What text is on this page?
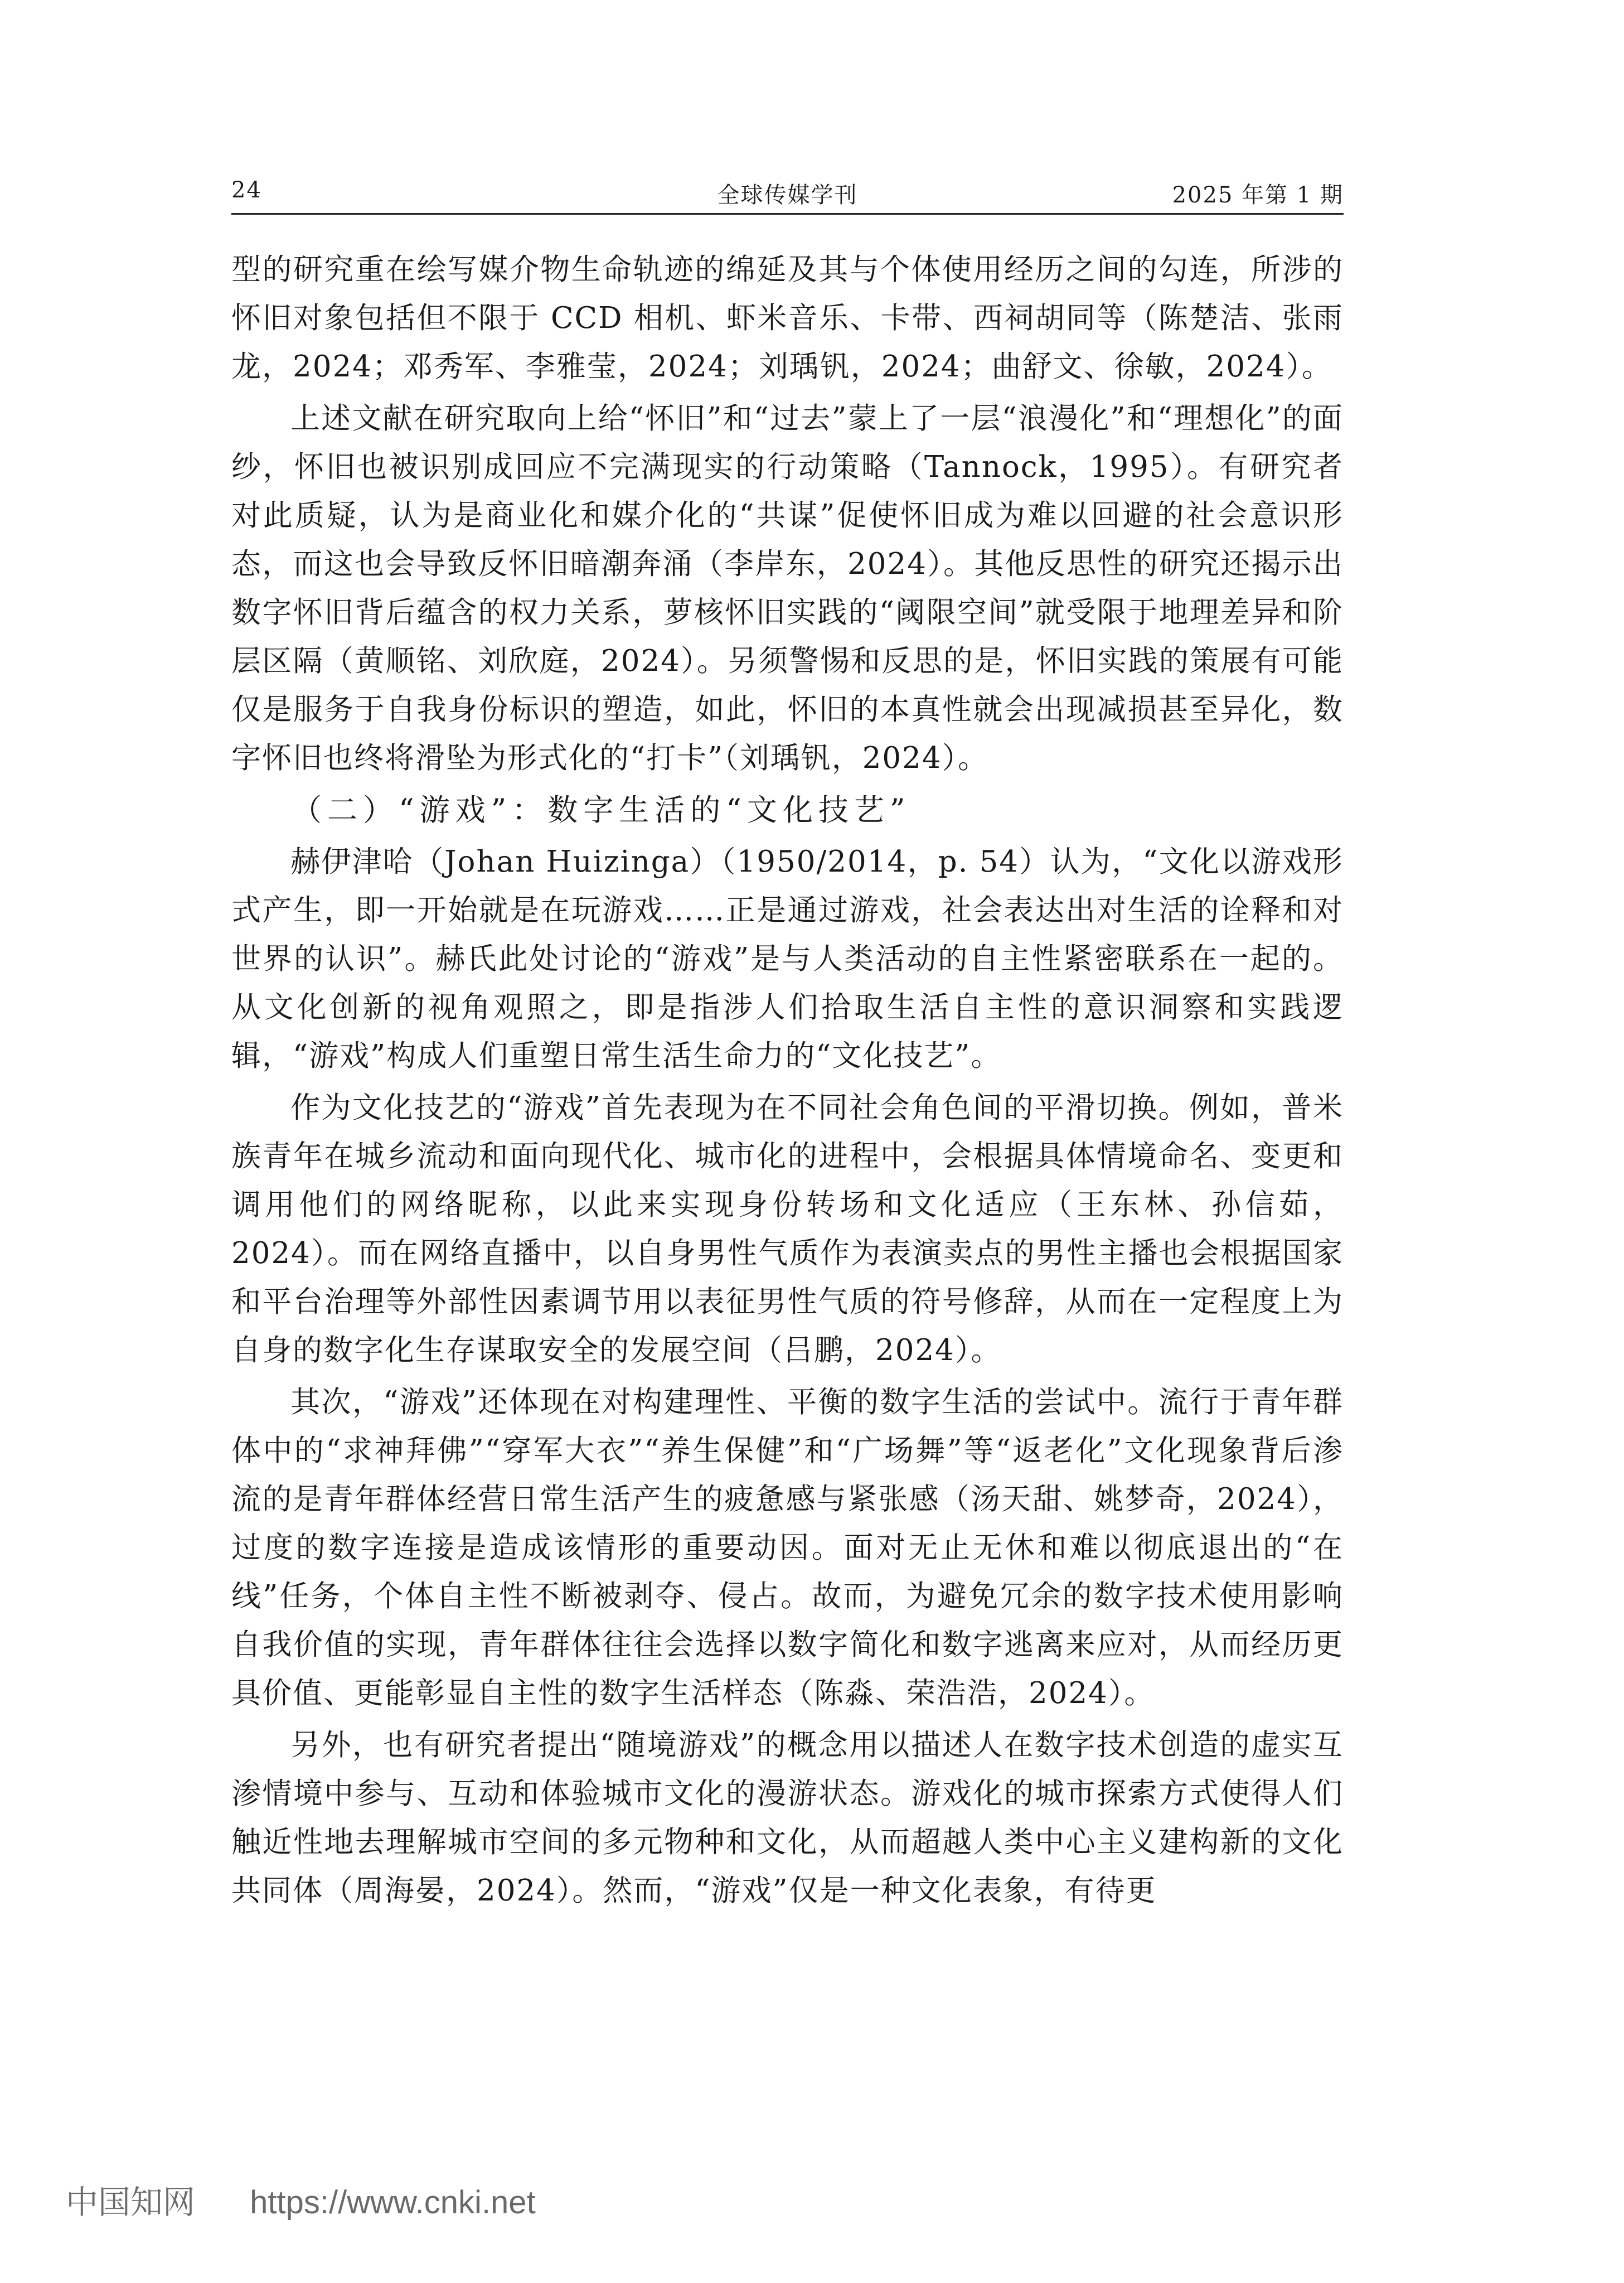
24	全球传媒学刊	2025 年第 1 期

型的研究重在绘写媒介物生命轨迹的绵延及其与个体使用经历之间的勾连，所涉的怀旧对象包括但不限于 CCD 相机、虾米音乐、卡带、西祠胡同等（陈楚洁、张雨龙，2024；邓秀军、李雅莹，2024；刘瑀钒，2024；曲舒文、徐敏，2024）。

上述文献在研究取向上给“怀旧”和“过去”蒙上了一层“浪漫化”和“理想化”的面纱，怀旧也被识别成回应不完满现实的行动策略（Tannock，1995）。有研究者对此质疑，认为是商业化和媒介化的“共谋”促使怀旧成为难以回避的社会意识形态，而这也会导致反怀旧暗潮奔涌（李岸东，2024）。其他反思性的研究还揭示出数字怀旧背后蕴含的权力关系，萝核怀旧实践的“阈限空间”就受限于地理差异和阶层区隔（黄顺铭、刘欣庭，2024）。另须警惕和反思的是，怀旧实践的策展有可能仅是服务于自我身份标识的塑造，如此，怀旧的本真性就会出现减损甚至异化，数字怀旧也终将滑坠为形式化的“打卡”（刘瑀钒，2024）。

（二）“游戏”：数字生活的“文化技艺”

赫伊津哈（Johan Huizinga）（1950/2014，p. 54）认为，“文化以游戏形式产生，即一开始就是在玩游戏……正是通过游戏，社会表达出对生活的诠释和对世界的认识”。赫氏此处讨论的“游戏”是与人类活动的自主性紧密联系在一起的。从文化创新的视角观照之，即是指涉人们拾取生活自主性的意识洞察和实践逻辑，“游戏”构成人们重塑日常生活生命力的“文化技艺”。

作为文化技艺的“游戏”首先表现为在不同社会角色间的平滑切换。例如，普米族青年在城乡流动和面向现代化、城市化的进程中，会根据具体情境命名、变更和调用他们的网络昵称，以此来实现身份转场和文化适应（王东林、孙信茹，2024）。而在网络直播中，以自身男性气质作为表演卖点的男性主播也会根据国家和平台治理等外部性因素调节用以表征男性气质的符号修辞，从而在一定程度上为自身的数字化生存谋取安全的发展空间（吕鹏，2024）。

其次，“游戏”还体现在对构建理性、平衡的数字生活的尝试中。流行于青年群体中的“求神拜佛”“穿军大衣”“养生保健”和“广场舞”等“返老化”文化现象背后渗流的是青年群体经营日常生活产生的疲惫感与紧张感（汤天甜、姚梦奇，2024），过度的数字连接是造成该情形的重要动因。面对无止无休和难以彻底退出的“在线”任务，个体自主性不断被剥夺、侵占。故而，为避免冗余的数字技术使用影响自我价值的实现，青年群体往往会选择以数字简化和数字逃离来应对，从而经历更具价值、更能彰显自主性的数字生活样态（陈淼、荣浩浩，2024）。

另外，也有研究者提出“随境游戏”的概念用以描述人在数字技术创造的虚实互渗情境中参与、互动和体验城市文化的漫游状态。游戏化的城市探索方式使得人们触近性地去理解城市空间的多元物种和文化，从而超越人类中心主义建构新的文化共同体（周海晏，2024）。然而，“游戏”仅是一种文化表象，有待更

中国知网 https://www.cnki.net
